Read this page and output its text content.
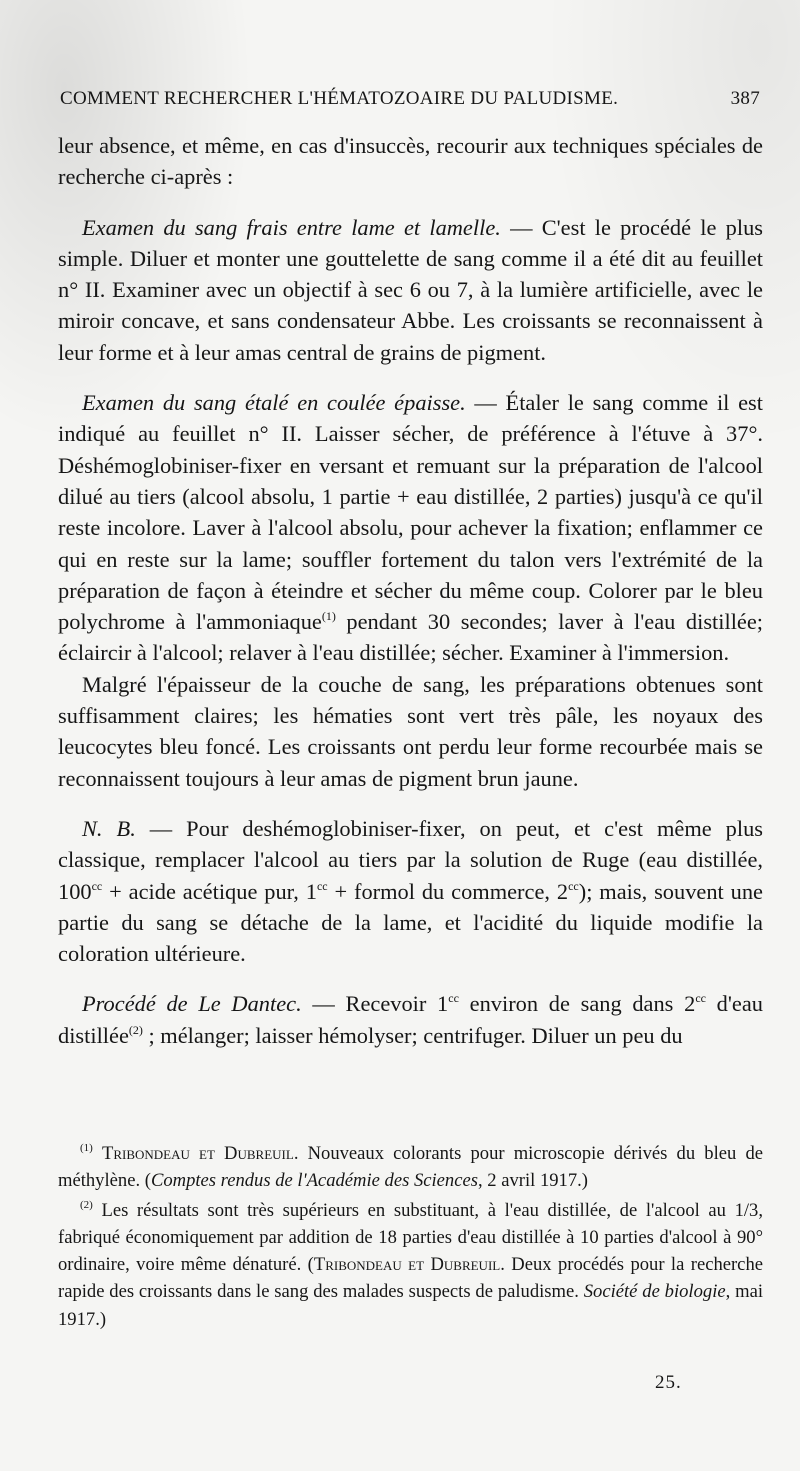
COMMENT RECHERCHER L'HÉMATOZOAIRE DU PALUDISME.	387

leur absence, et même, en cas d'insuccès, recourir aux techniques spéciales de recherche ci-après :

Examen du sang frais entre lame et lamelle. — C'est le procédé le plus simple. Diluer et monter une gouttelette de sang comme il a été dit au feuillet n° II. Examiner avec un objectif à sec 6 ou 7, à la lumière artificielle, avec le miroir concave, et sans condensateur Abbe. Les croissants se reconnaissent à leur forme et à leur amas central de grains de pigment.

Examen du sang étalé en coulée épaisse. — Étaler le sang comme il est indiqué au feuillet n° II. Laisser sécher, de préférence à l'étuve à 37°. Déshémoglobiniser-fixer en versant et remuant sur la préparation de l'alcool dilué au tiers (alcool absolu, 1 partie + eau distillée, 2 parties) jusqu'à ce qu'il reste incolore. Laver à l'alcool absolu, pour achever la fixation; enflammer ce qui en reste sur la lame; souffler fortement du talon vers l'extrémité de la préparation de façon à éteindre et sécher du même coup. Colorer par le bleu polychrome à l'ammoniaque$^{(1)}$ pendant 30 secondes; laver à l'eau distillée; éclaircir à l'alcool; relaver à l'eau distillée; sécher. Examiner à l'immersion.

Malgré l'épaisseur de la couche de sang, les préparations obtenues sont suffisamment claires; les hématies sont vert très pâle, les noyaux des leucocytes bleu foncé. Les croissants ont perdu leur forme recourbée mais se reconnaissent toujours à leur amas de pigment brun jaune.

N. B. — Pour deshémoglobiniser-fixer, on peut, et c'est même plus classique, remplacer l'alcool au tiers par la solution de Ruge (eau distillée, $100^{cc}$ + acide acétique pur, $1^{cc}$ + formol du commerce, $2^{cc}$); mais, souvent une partie du sang se détache de la lame, et l'acidité du liquide modifie la coloration ultérieure.

Procédé de Le Dantec. — Recevoir $1^{cc}$ environ de sang dans $2^{cc}$ d'eau distillée$^{(2)}$ ; mélanger; laisser hémolyser; centrifuger. Diluer un peu du

$^{(1)}$ Tribondeau et Dubreuil. Nouveaux colorants pour microscopie dérivés du bleu de méthylène. (Comptes rendus de l'Académie des Sciences, 2 avril 1917.)

$^{(2)}$ Les résultats sont très supérieurs en substituant, à l'eau distillée, de l'alcool au 1/3, fabriqué économiquement par addition de 18 parties d'eau distillée à 10 parties d'alcool à 90° ordinaire, voire même dénaturé. (Tribondeau et Dubreuil. Deux procédés pour la recherche rapide des croissants dans le sang des malades suspects de paludisme. Société de biologie, mai 1917.)

25.
